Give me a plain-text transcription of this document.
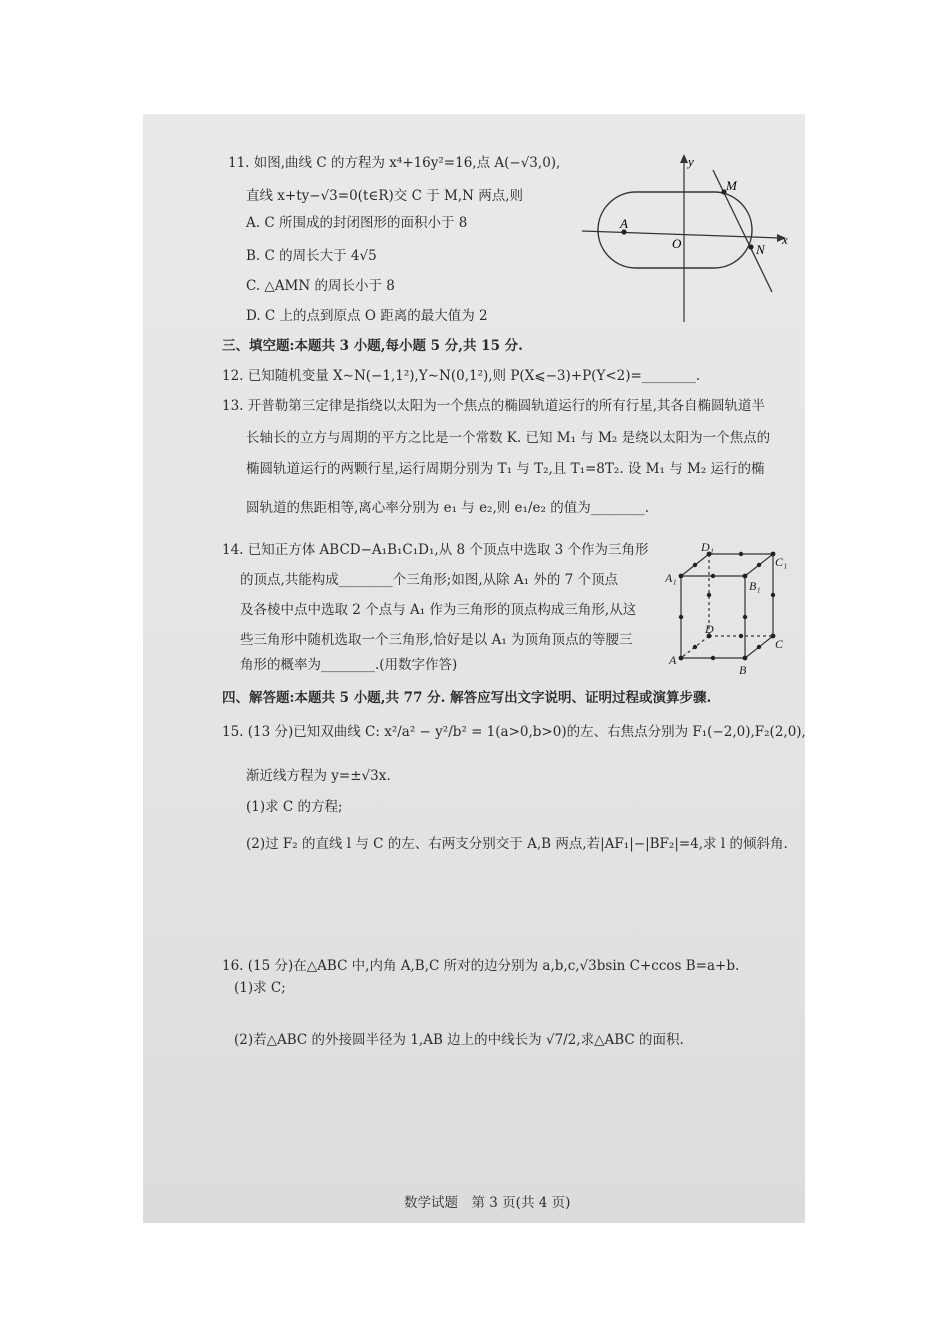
11. 如图,曲线 C 的方程为 x⁴+16y²=16,点 A(−√3,0),
直线 x+ty−√3=0(t∈R)交 C 于 M,N 两点,则
A. C 所围成的封闭图形的面积小于 8
B. C 的周长大于 4√5
C. △AMN 的周长小于 8
D. C 上的点到原点 O 距离的最大值为 2
y
x
M
N
A
O
三、填空题:本题共 3 小题,每小题 5 分,共 15 分.
12. 已知随机变量 X∼N(−1,1²),Y∼N(0,1²),则 P(X⩽−3)+P(Y<2)=________.
13. 开普勒第三定律是指绕以太阳为一个焦点的椭圆轨道运行的所有行星,其各自椭圆轨道半
长轴长的立方与周期的平方之比是一个常数 K. 已知 M₁ 与 M₂ 是绕以太阳为一个焦点的
椭圆轨道运行的两颗行星,运行周期分别为 T₁ 与 T₂,且 T₁=8T₂. 设 M₁ 与 M₂ 运行的椭
圆轨道的焦距相等,离心率分别为 e₁ 与 e₂,则 e₁/e₂ 的值为________.
14. 已知正方体 ABCD−A₁B₁C₁D₁,从 8 个顶点中选取 3 个作为三角形
的顶点,共能构成________个三角形;如图,从除 A₁ 外的 7 个顶点
及各棱中点中选取 2 个点与 A₁ 作为三角形的顶点构成三角形,从这
些三角形中随机选取一个三角形,恰好是以 A₁ 为顶角顶点的等腰三
角形的概率为________.(用数字作答)
D₁
C₁
A₁
B₁
D
C
A
B
四、解答题:本题共 5 小题,共 77 分. 解答应写出文字说明、证明过程或演算步骤.
15. (13 分)已知双曲线 C: x²/a² − y²/b² = 1(a>0,b>0)的左、右焦点分别为 F₁(−2,0),F₂(2,0),
渐近线方程为 y=±√3x.
(1)求 C 的方程;
(2)过 F₂ 的直线 l 与 C 的左、右两支分别交于 A,B 两点,若|AF₁|−|BF₂|=4,求 l 的倾斜角.
16. (15 分)在△ABC 中,内角 A,B,C 所对的边分别为 a,b,c,√3bsin C+ccos B=a+b.
(1)求 C;
(2)若△ABC 的外接圆半径为 1,AB 边上的中线长为 √7/2,求△ABC 的面积.
数学试题　第 3 页(共 4 页)
